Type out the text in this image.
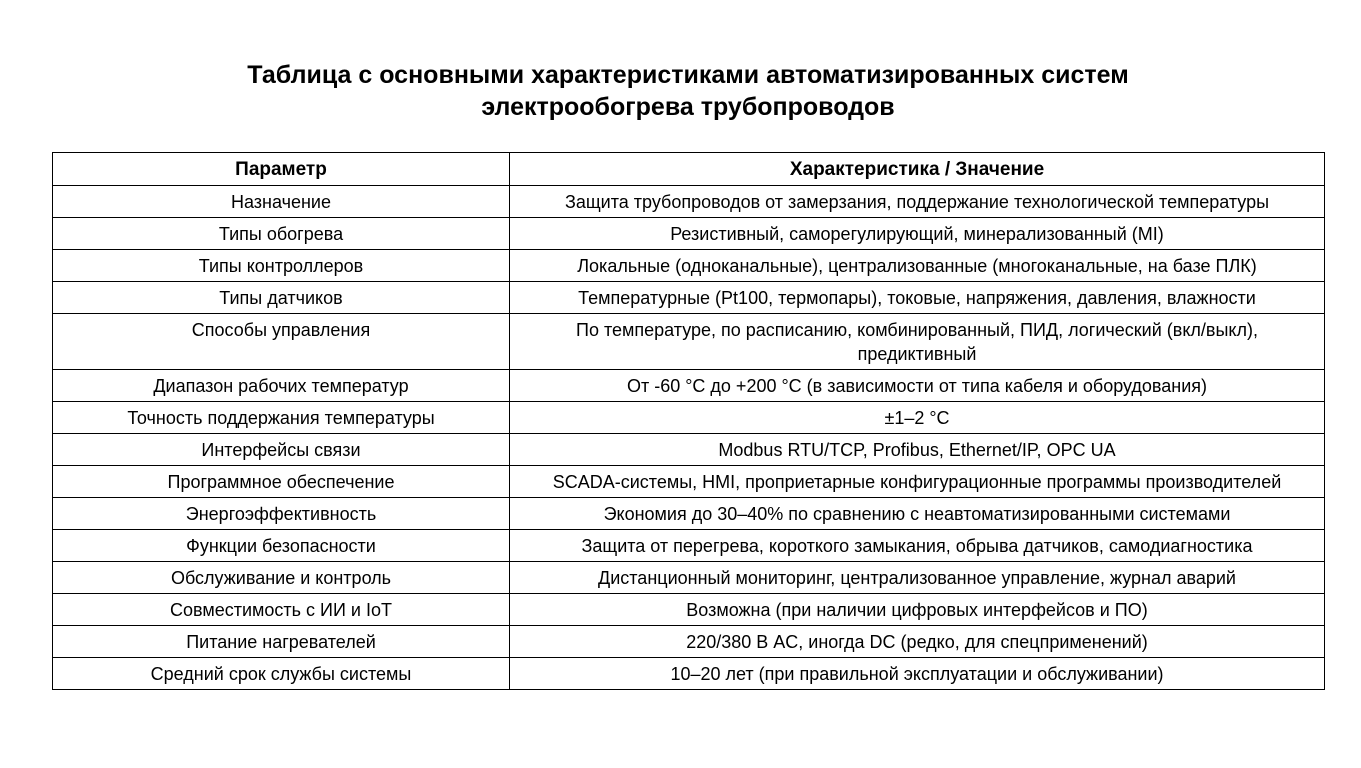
Таблица с основными характеристиками автоматизированных систем
электрообогрева трубопроводов
Параметр	Характеристика / Значение
Назначение	Защита трубопроводов от замерзания, поддержание технологической температуры
Типы обогрева	Резистивный, саморегулирующий, минерализованный (MI)
Типы контроллеров	Локальные (одноканальные), централизованные (многоканальные, на базе ПЛК)
Типы датчиков	Температурные (Pt100, термопары), токовые, напряжения, давления, влажности
Способы управления	По температуре, по расписанию, комбинированный, ПИД, логический (вкл/выкл), предиктивный
Диапазон рабочих температур	От -60 °C до +200 °C (в зависимости от типа кабеля и оборудования)
Точность поддержания температуры	±1–2 °C
Интерфейсы связи	Modbus RTU/TCP, Profibus, Ethernet/IP, OPC UA
Программное обеспечение	SCADA-системы, HMI, проприетарные конфигурационные программы производителей
Энергоэффективность	Экономия до 30–40% по сравнению с неавтоматизированными системами
Функции безопасности	Защита от перегрева, короткого замыкания, обрыва датчиков, самодиагностика
Обслуживание и контроль	Дистанционный мониторинг, централизованное управление, журнал аварий
Совместимость с ИИ и IoT	Возможна (при наличии цифровых интерфейсов и ПО)
Питание нагревателей	220/380 В AC, иногда DC (редко, для спецприменений)
Средний срок службы системы	10–20 лет (при правильной эксплуатации и обслуживании)
